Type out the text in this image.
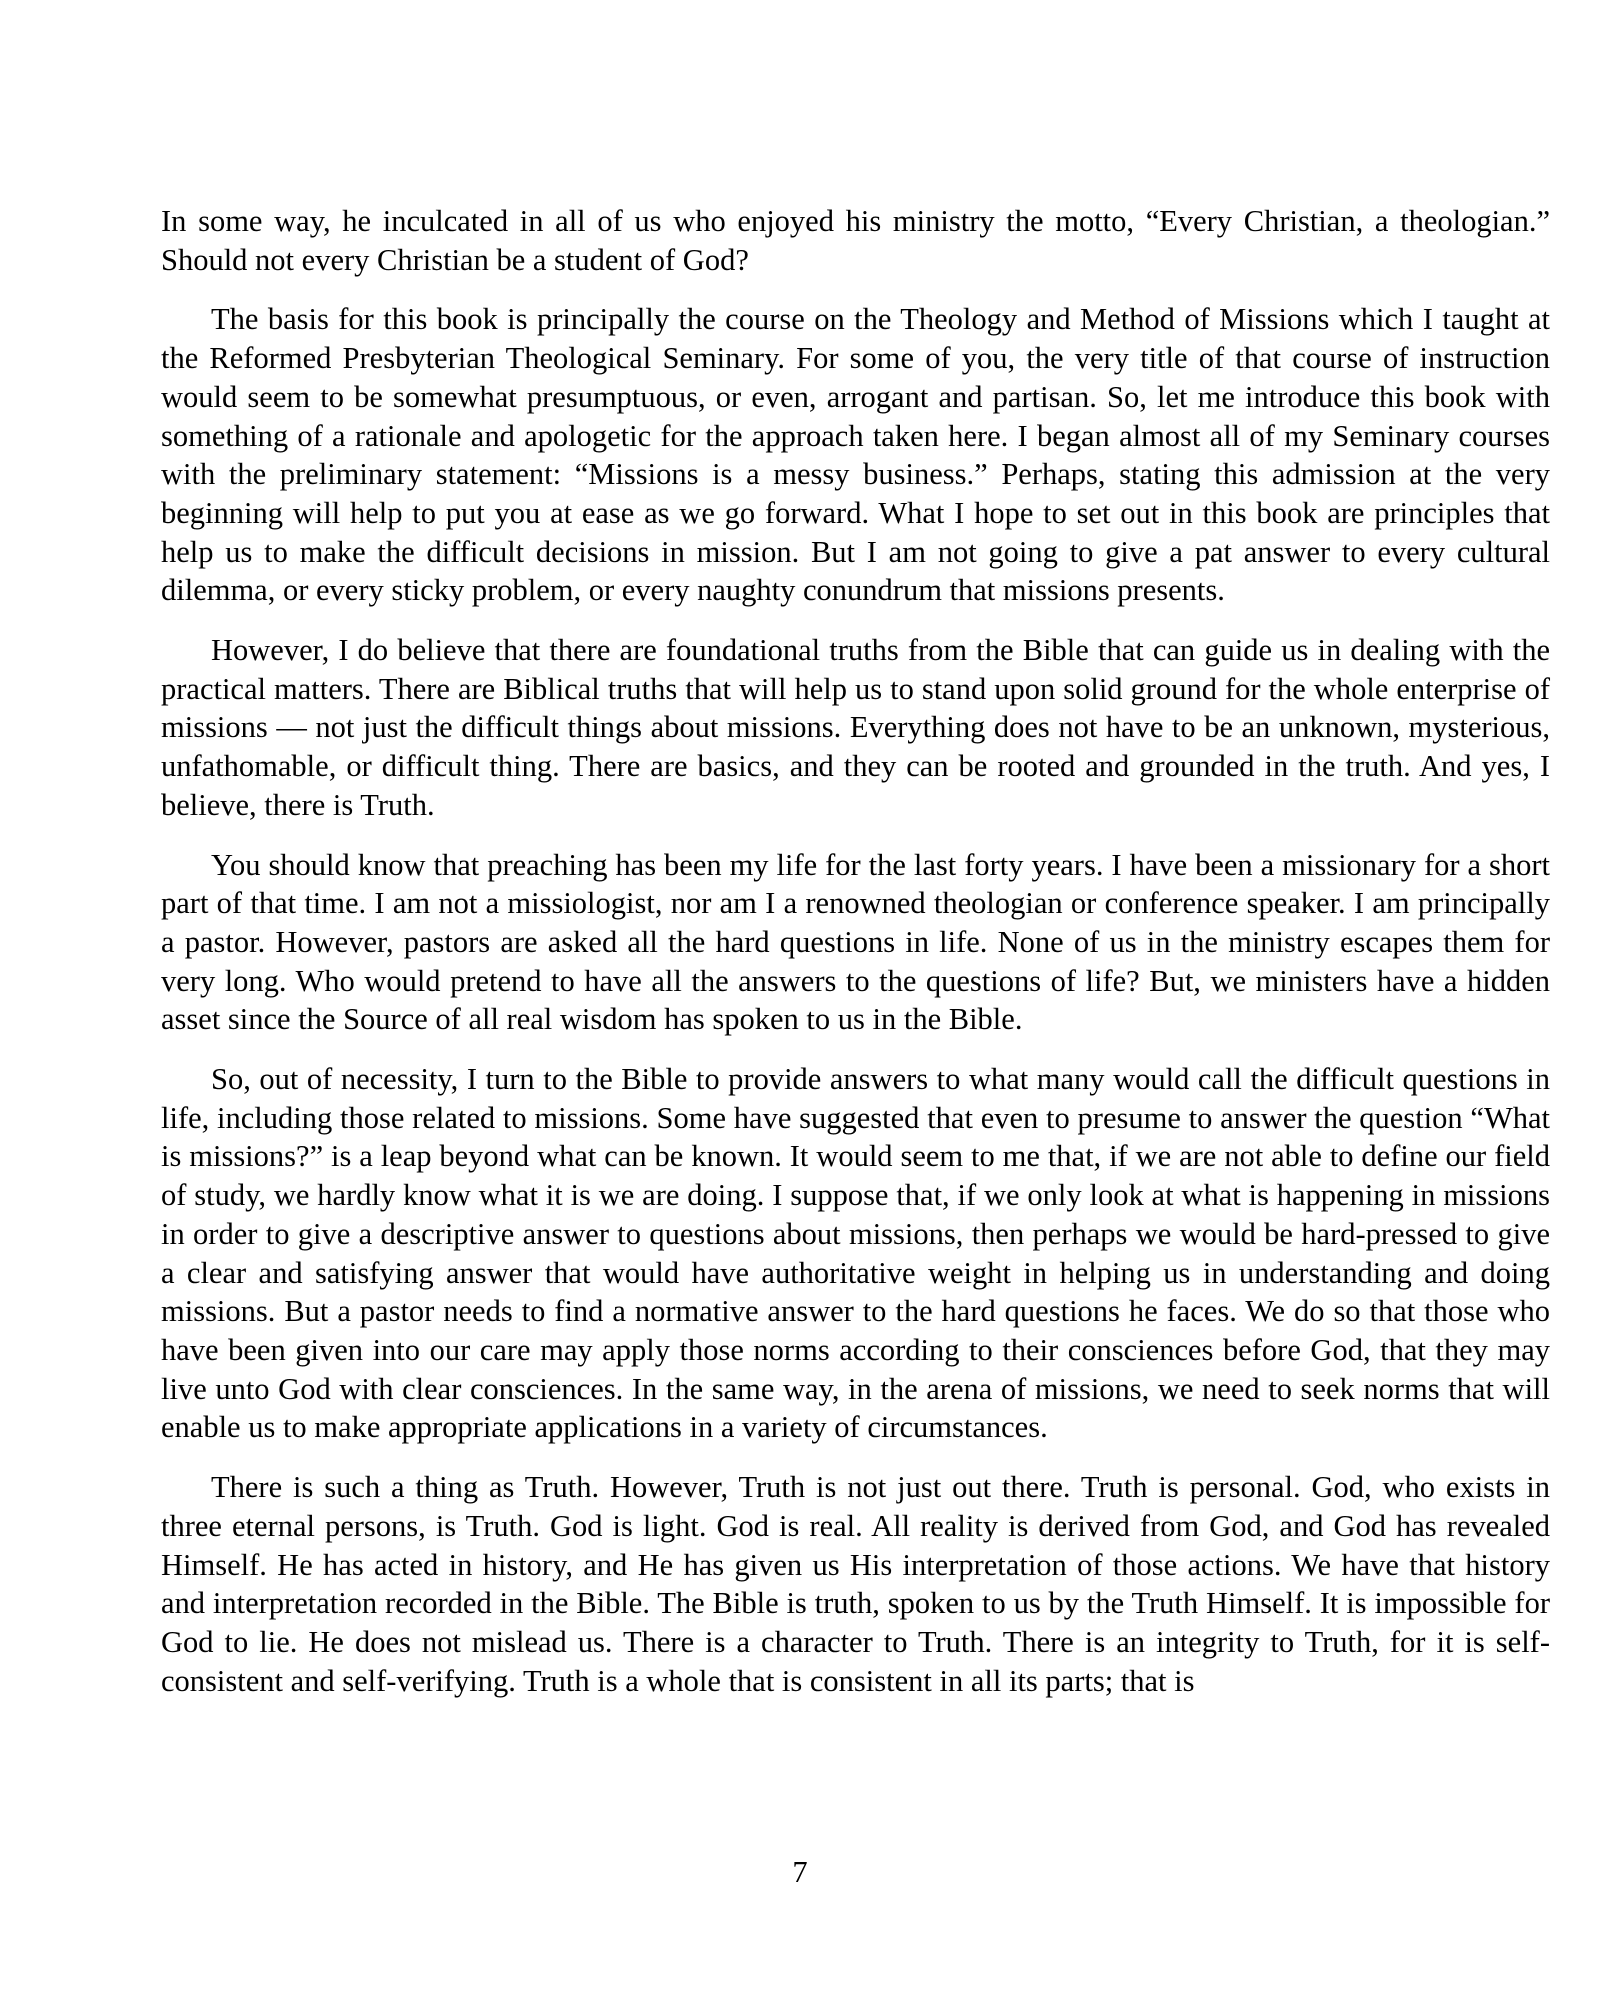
In some way, he inculcated in all of us who enjoyed his ministry the motto, “Every Christian, a theologian.” Should not every Christian be a student of God?

The basis for this book is principally the course on the Theology and Method of Missions which I taught at the Reformed Presbyterian Theological Seminary. For some of you, the very title of that course of instruction would seem to be somewhat presumptuous, or even, arrogant and partisan. So, let me introduce this book with something of a rationale and apologetic for the approach taken here. I began almost all of my Seminary courses with the preliminary statement: “Missions is a messy business.” Perhaps, stating this admission at the very beginning will help to put you at ease as we go forward. What I hope to set out in this book are principles that help us to make the difficult decisions in mission. But I am not going to give a pat answer to every cultural dilemma, or every sticky problem, or every naughty conundrum that missions presents.

However, I do believe that there are foundational truths from the Bible that can guide us in dealing with the practical matters. There are Biblical truths that will help us to stand upon solid ground for the whole enterprise of missions — not just the difficult things about missions. Everything does not have to be an unknown, mysterious, unfathomable, or difficult thing. There are basics, and they can be rooted and grounded in the truth. And yes, I believe, there is Truth.

You should know that preaching has been my life for the last forty years. I have been a missionary for a short part of that time. I am not a missiologist, nor am I a renowned theologian or conference speaker. I am principally a pastor. However, pastors are asked all the hard questions in life. None of us in the ministry escapes them for very long. Who would pretend to have all the answers to the questions of life? But, we ministers have a hidden asset since the Source of all real wisdom has spoken to us in the Bible.

So, out of necessity, I turn to the Bible to provide answers to what many would call the difficult questions in life, including those related to missions. Some have suggested that even to presume to answer the question “What is missions?” is a leap beyond what can be known. It would seem to me that, if we are not able to define our field of study, we hardly know what it is we are doing. I suppose that, if we only look at what is happening in missions in order to give a descriptive answer to questions about missions, then perhaps we would be hard-pressed to give a clear and satisfying answer that would have authoritative weight in helping us in understanding and doing missions. But a pastor needs to find a normative answer to the hard questions he faces. We do so that those who have been given into our care may apply those norms according to their consciences before God, that they may live unto God with clear consciences. In the same way, in the arena of missions, we need to seek norms that will enable us to make appropriate applications in a variety of circumstances.

There is such a thing as Truth. However, Truth is not just out there. Truth is personal. God, who exists in three eternal persons, is Truth. God is light. God is real. All reality is derived from God, and God has revealed Himself. He has acted in history, and He has given us His interpretation of those actions. We have that history and interpretation recorded in the Bible. The Bible is truth, spoken to us by the Truth Himself. It is impossible for God to lie. He does not mislead us. There is a character to Truth. There is an integrity to Truth, for it is self-consistent and self-verifying. Truth is a whole that is consistent in all its parts; that is

7
